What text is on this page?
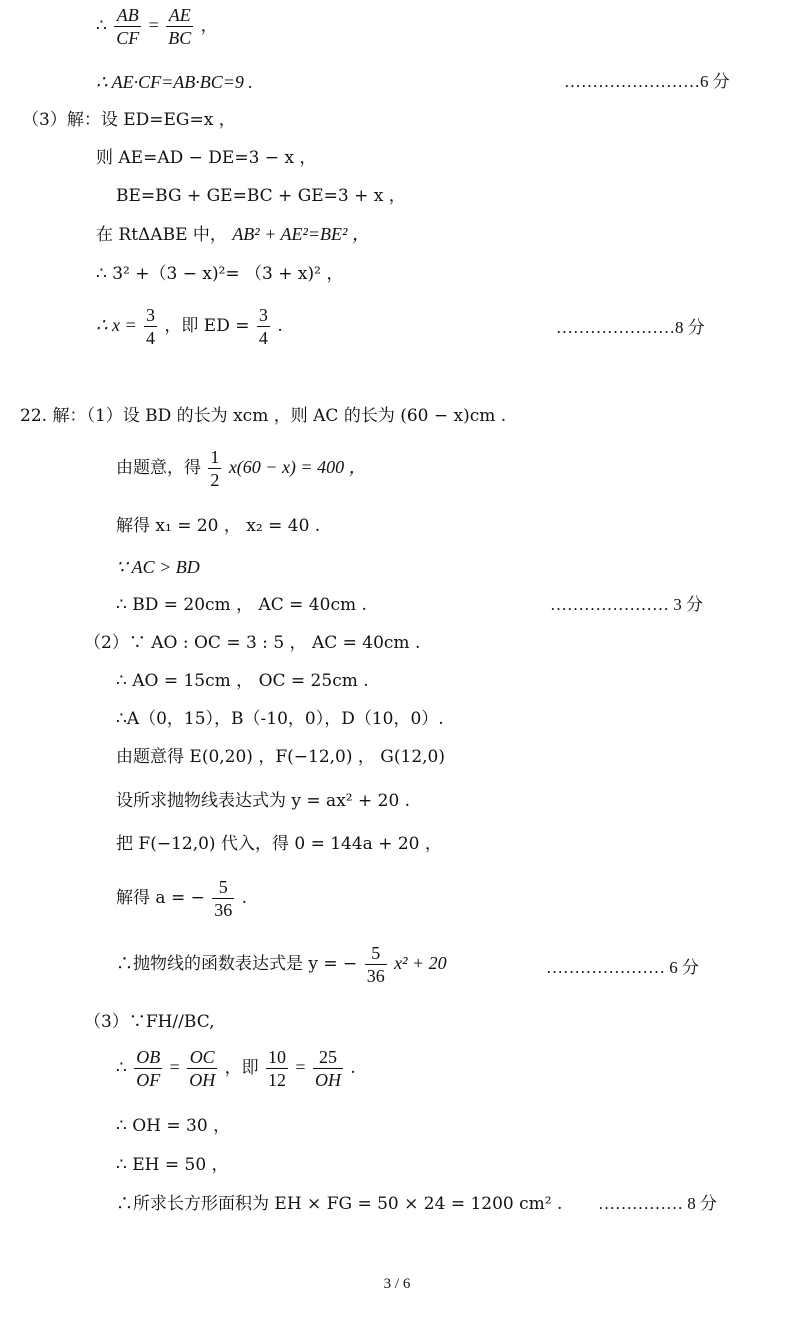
∴ $\frac{AB}{CF} = \frac{AE}{BC}$ ，
∴ AE·CF=AB·BC=9 .	……………………6 分
（3）解：设 ED=EG=x ，
则 AE=AD − DE=3 − x ，
BE=BG + GE=BC + GE=3 + x ，
在 RtΔABE 中， AB² + AE²=BE² ，
∴ 3² +（3 − x)²= （3 + x)² ，
∴ $x = \frac{3}{4}$ ，即 ED = $\frac{3}{4}$ .	…………………8 分
22. 解：（1）设 BD 的长为 xcm ，则 AC 的长为 (60 − x)cm .
由题意，得 $\frac{1}{2} x(60 - x) = 400$ ，
解得 x₁ = 20 ， x₂ = 40 .
∵ AC > BD
∴ BD = 20cm ， AC = 40cm .	………………… 3 分
（2）∵ AO : OC = 3 : 5 ， AC = 40cm .
∴ AO = 15cm ， OC = 25cm .
∴A（0，15），B（-10，0），D（10，0）.
由题意得 E(0,20) ，F(−12,0) ， G(12,0)
设所求抛物线表达式为 y = ax² + 20 .
把 F(−12,0) 代入，得 0 = 144a + 20 ，
解得 a = − $\frac{5}{36}$ .
∴抛物线的函数表达式是 y = − $\frac{5}{36} x^2 + 20$	………………… 6 分
（3）∵FH//BC,
∴ $\frac{OB}{OF} = \frac{OC}{OH}$ ，即 $\frac{10}{12} = \frac{25}{OH}$ .
∴ OH = 30 ，
∴ EH = 50 ，
∴所求长方形面积为 EH × FG = 50 × 24 = 1200 cm² . …………… 8 分
3 / 6
